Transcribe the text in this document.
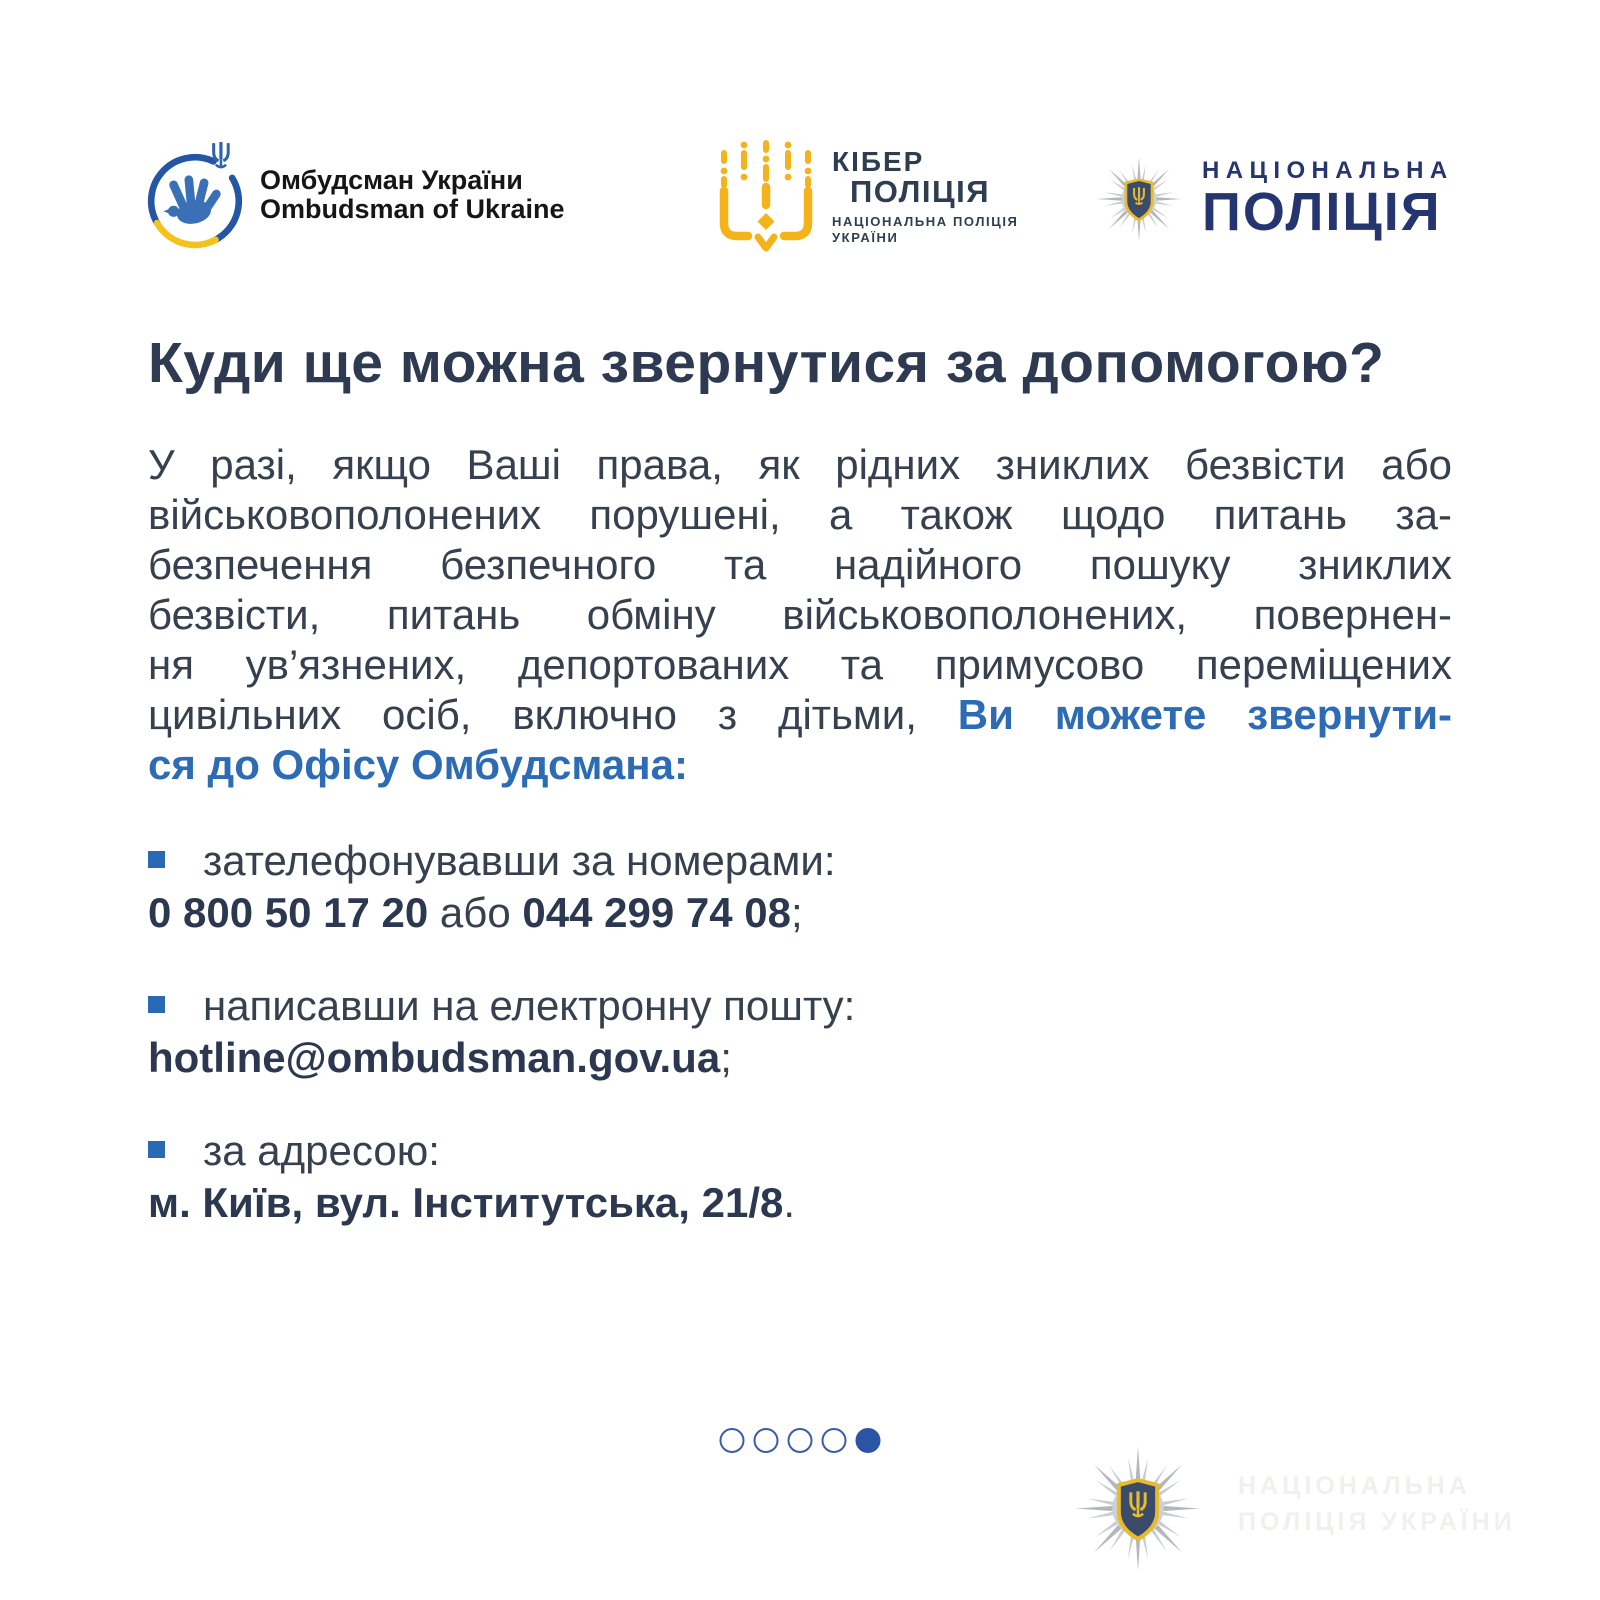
Омбудсман України
Ombudsman of Ukraine
КІБЕР
ПОЛІЦІЯ
НАЦІОНАЛЬНА ПОЛІЦІЯ
УКРАЇНИ
НАЦІОНАЛЬНА
ПОЛІЦІЯ
Куди ще можна звернутися за допомогою?
У разі, якщо Ваші права, як рідних зниклих безвісти або
військовополонених порушені, а також щодо питань за-
безпечення безпечного та надійного пошуку зниклих
безвісти, питань обміну військовополонених, повернен-
ня ув’язнених, депортованих та примусово переміщених
цивільних осіб, включно з дітьми, Ви можете звернути-
ся до Офісу Омбудсмана:
зателефонувавши за номерами:
0 800 50 17 20 або 044 299 74 08;
написавши на електронну пошту:
hotline@ombudsman.gov.ua;
за адресою:
м. Київ, вул. Інститутська, 21/8.
НАЦІОНАЛЬНА
ПОЛІЦІЯ УКРАЇНИ
